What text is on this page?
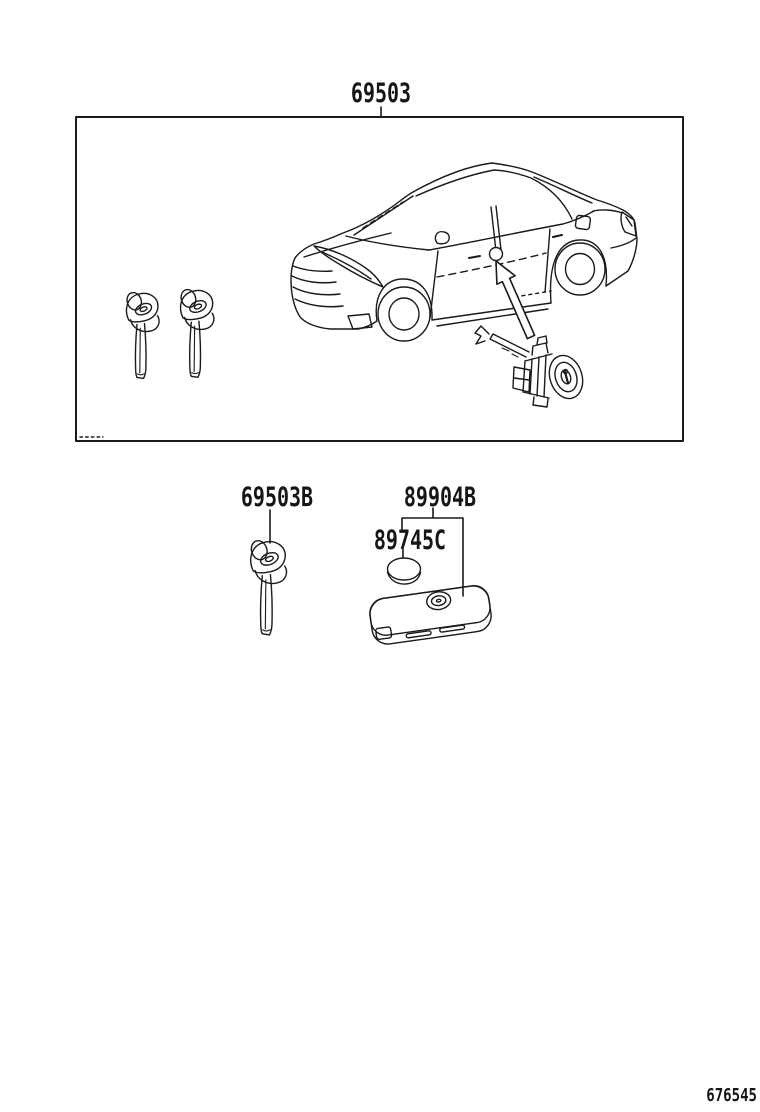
69503
69503B	89904B
89745C
676545
